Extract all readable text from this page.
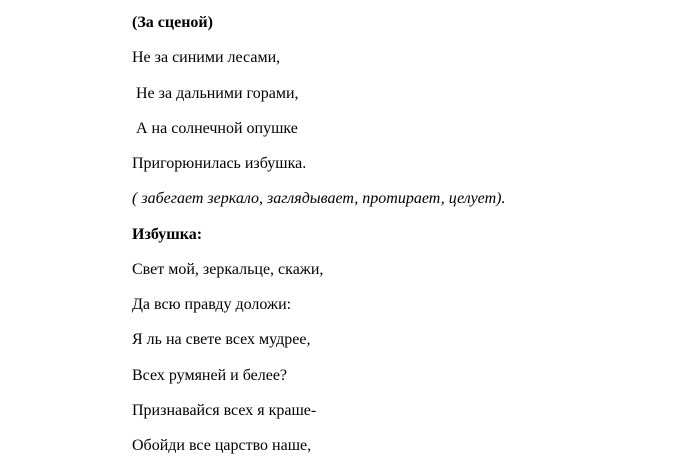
(За сценой)
Не за синими лесами,
Не за дальними горами,
А на солнечной опушке
Пригорюнилась избушка.
( забегает зеркало, заглядывает, протирает, целует).
Избушка:
Свет мой, зеркальце, скажи,
Да всю правду доложи:
Я ль на свете всех мудрее,
Всех румяней и белее?
Признавайся всех я краше-
Обойди все царство наше,
